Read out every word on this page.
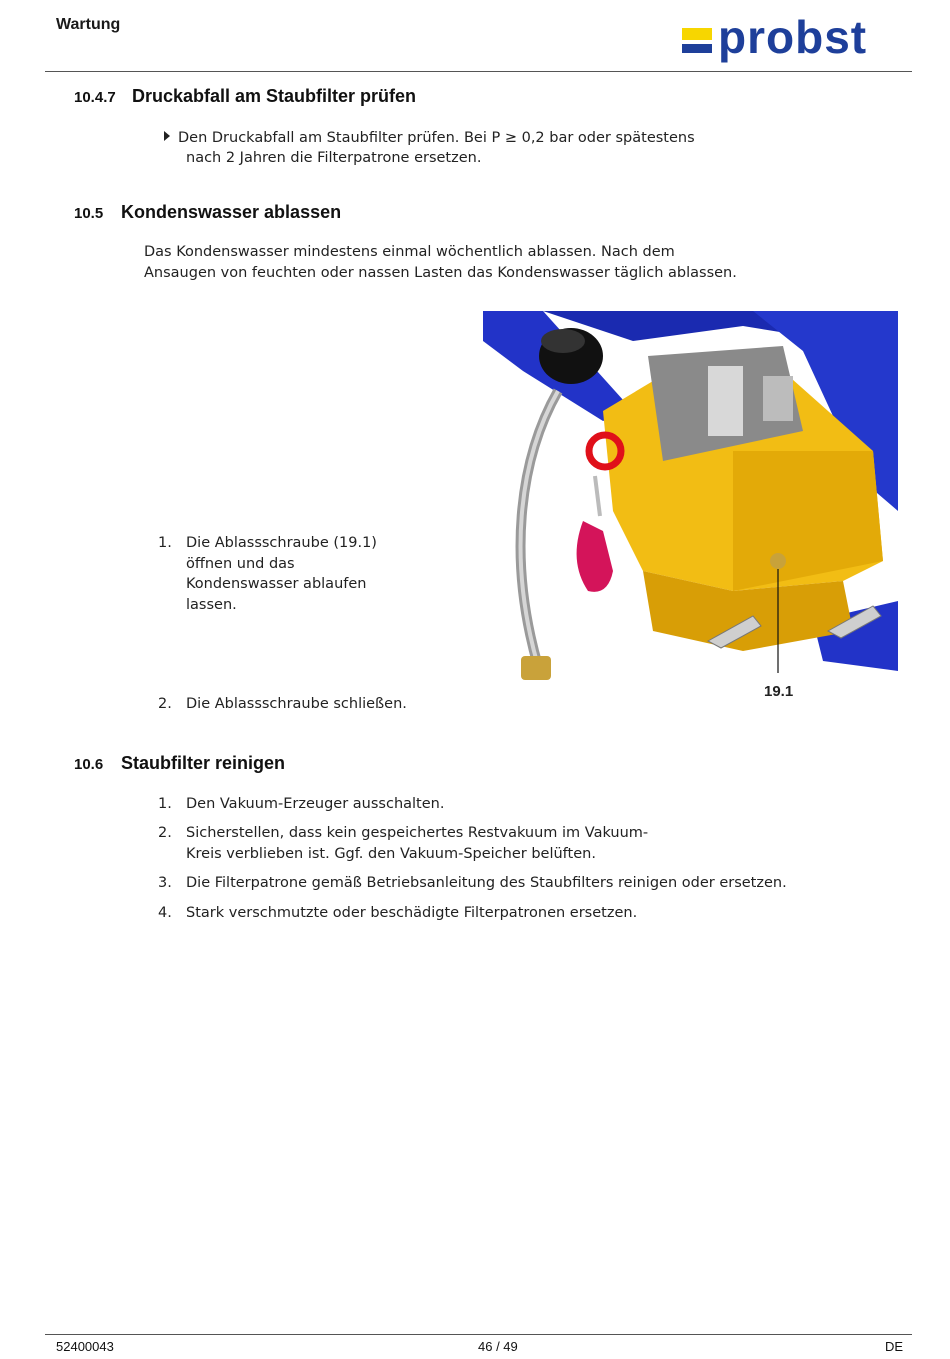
Wartung	probst
10.4.7 Druckabfall am Staubfilter prüfen
Den Druckabfall am Staubfilter prüfen. Bei P ≥ 0,2 bar oder spätestens
nach 2 Jahren die Filterpatrone ersetzen.
10.5 Kondenswasser ablassen
Das Kondenswasser mindestens einmal wöchentlich ablassen. Nach dem
Ansaugen von feuchten oder nassen Lasten das Kondenswasser täglich ablassen.
1. Die Ablassschraube (19.1)
öffnen und das
Kondenswasser ablaufen
lassen.
2. Die Ablassschraube schließen.
19.1
10.6 Staubfilter reinigen
1. Den Vakuum-Erzeuger ausschalten.
2. Sicherstellen, dass kein gespeichertes Restvakuum im Vakuum-
Kreis verblieben ist. Ggf. den Vakuum-Speicher belüften.
3. Die Filterpatrone gemäß Betriebsanleitung des Staubfilters reinigen oder ersetzen.
4. Stark verschmutzte oder beschädigte Filterpatronen ersetzen.
52400043	46 / 49	DE
